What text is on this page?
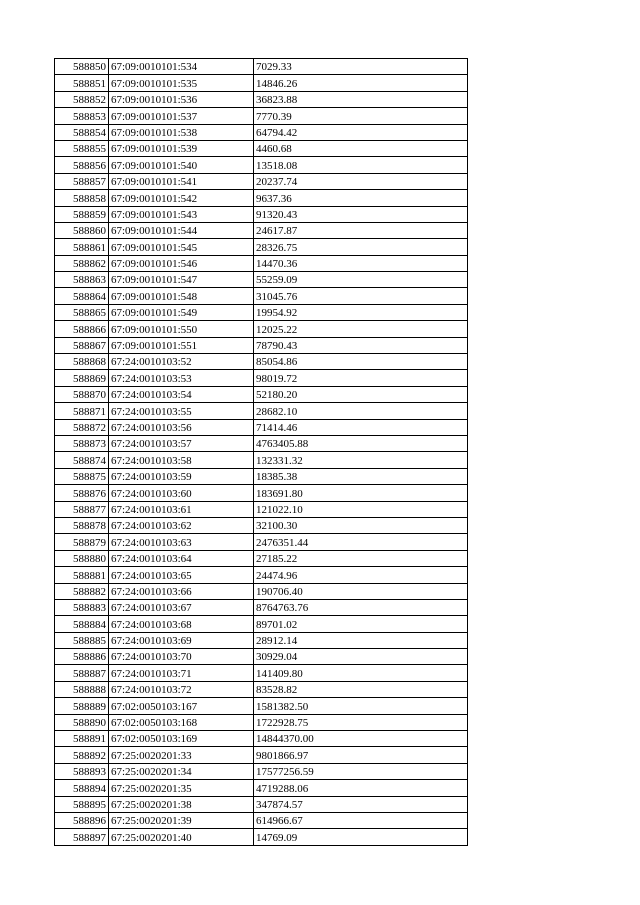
588850	67:09:0010101:534	7029.33
588851	67:09:0010101:535	14846.26
588852	67:09:0010101:536	36823.88
588853	67:09:0010101:537	7770.39
588854	67:09:0010101:538	64794.42
588855	67:09:0010101:539	4460.68
588856	67:09:0010101:540	13518.08
588857	67:09:0010101:541	20237.74
588858	67:09:0010101:542	9637.36
588859	67:09:0010101:543	91320.43
588860	67:09:0010101:544	24617.87
588861	67:09:0010101:545	28326.75
588862	67:09:0010101:546	14470.36
588863	67:09:0010101:547	55259.09
588864	67:09:0010101:548	31045.76
588865	67:09:0010101:549	19954.92
588866	67:09:0010101:550	12025.22
588867	67:09:0010101:551	78790.43
588868	67:24:0010103:52	85054.86
588869	67:24:0010103:53	98019.72
588870	67:24:0010103:54	52180.20
588871	67:24:0010103:55	28682.10
588872	67:24:0010103:56	71414.46
588873	67:24:0010103:57	4763405.88
588874	67:24:0010103:58	132331.32
588875	67:24:0010103:59	18385.38
588876	67:24:0010103:60	183691.80
588877	67:24:0010103:61	121022.10
588878	67:24:0010103:62	32100.30
588879	67:24:0010103:63	2476351.44
588880	67:24:0010103:64	27185.22
588881	67:24:0010103:65	24474.96
588882	67:24:0010103:66	190706.40
588883	67:24:0010103:67	8764763.76
588884	67:24:0010103:68	89701.02
588885	67:24:0010103:69	28912.14
588886	67:24:0010103:70	30929.04
588887	67:24:0010103:71	141409.80
588888	67:24:0010103:72	83528.82
588889	67:02:0050103:167	1581382.50
588890	67:02:0050103:168	1722928.75
588891	67:02:0050103:169	14844370.00
588892	67:25:0020201:33	9801866.97
588893	67:25:0020201:34	17577256.59
588894	67:25:0020201:35	4719288.06
588895	67:25:0020201:38	347874.57
588896	67:25:0020201:39	614966.67
588897	67:25:0020201:40	14769.09
